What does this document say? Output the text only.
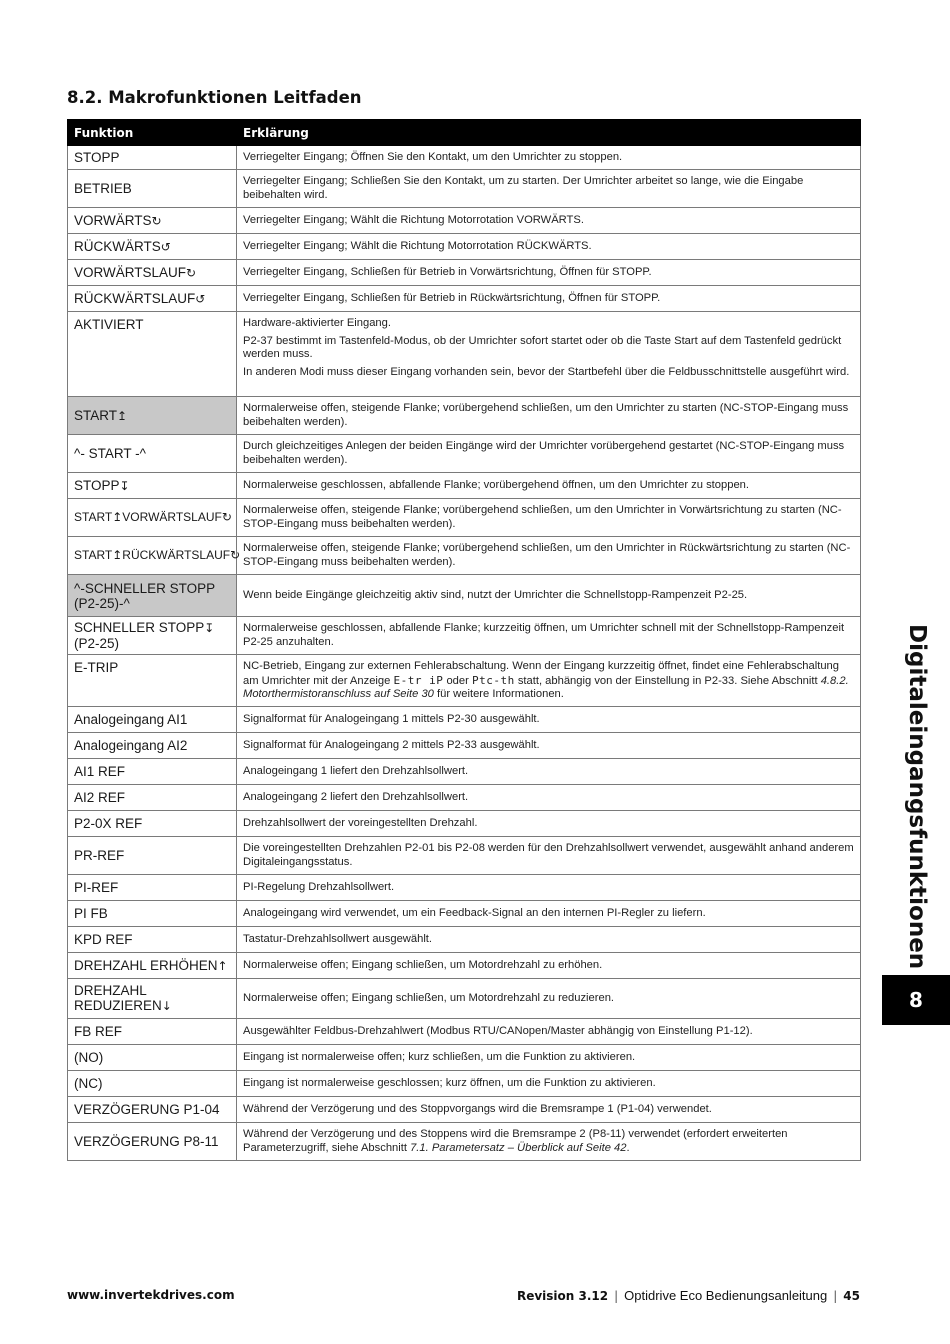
8.2. Makrofunktionen Leitfaden
Funktion	Erklärung
STOPP	Verriegelter Eingang; Öffnen Sie den Kontakt, um den Umrichter zu stoppen.

BETRIEB	Verriegelter Eingang; Schließen Sie den Kontakt, um zu starten. Der Umrichter arbeitet so lange, wie die Eingabe beibehalten wird.

VORWÄRTS↻	Verriegelter Eingang; Wählt die Richtung Motorrotation VORWÄRTS.

RÜCKWÄRTS↺	Verriegelter Eingang; Wählt die Richtung Motorrotation RÜCKWÄRTS.

VORWÄRTSLAUF↻	Verriegelter Eingang, Schließen für Betrieb in Vorwärtsrichtung, Öffnen für STOPP.

RÜCKWÄRTSLAUF↺	Verriegelter Eingang, Schließen für Betrieb in Rückwärtsrichtung, Öffnen für STOPP.

AKTIVIERT	Hardware-aktivierter Eingang.
P2-37 bestimmt im Tastenfeld-Modus, ob der Umrichter sofort startet oder ob die Taste Start auf dem Tastenfeld gedrückt werden muss.
In anderen Modi muss dieser Eingang vorhanden sein, bevor der Startbefehl über die Feldbusschnittstelle ausgeführt wird.

START↥	Normalerweise offen, steigende Flanke; vorübergehend schließen, um den Umrichter zu starten (NC-STOP-Eingang muss beibehalten werden).

^- START -^	Durch gleichzeitiges Anlegen der beiden Eingänge wird der Umrichter vorübergehend gestartet (NC-STOP-Eingang muss beibehalten werden).

STOPP↧	Normalerweise geschlossen, abfallende Flanke; vorübergehend öffnen, um den Umrichter zu stoppen.

START↥VORWÄRTSLAUF↻	Normalerweise offen, steigende Flanke; vorübergehend schließen, um den Umrichter in Vorwärtsrichtung zu starten (NC-STOP-Eingang muss beibehalten werden).

START↥RÜCKWÄRTSLAUF↻	Normalerweise offen, steigende Flanke; vorübergehend schließen, um den Umrichter in Rückwärtsrichtung zu starten (NC-STOP-Eingang muss beibehalten werden).

^-SCHNELLER STOPP (P2-25)-^	Wenn beide Eingänge gleichzeitig aktiv sind, nutzt der Umrichter die Schnellstopp-Rampenzeit P2-25.

SCHNELLER STOPP↧
(P2-25)	Normalerweise geschlossen, abfallende Flanke; kurzzeitig öffnen, um Umrichter schnell mit der Schnellstopp-Rampenzeit P2-25 anzuhalten.

E-TRIP	NC-Betrieb, Eingang zur externen Fehlerabschaltung. Wenn der Eingang kurzzeitig öffnet, findet eine Fehlerabschaltung am Umrichter mit der Anzeige E-tr iP oder Ptc-th statt, abhängig von der Einstellung in P2-33. Siehe Abschnitt 4.8.2. Motorthermistoranschluss auf Seite 30 für weitere Informationen.

Analogeingang AI1	Signalformat für Analogeingang 1 mittels P2-30 ausgewählt.

Analogeingang AI2	Signalformat für Analogeingang 2 mittels P2-33 ausgewählt.

AI1 REF	Analogeingang 1 liefert den Drehzahlsollwert.

AI2 REF	Analogeingang 2 liefert den Drehzahlsollwert.

P2-0X REF	Drehzahlsollwert der voreingestellten Drehzahl.

PR-REF	Die voreingestellten Drehzahlen P2-01 bis P2-08 werden für den Drehzahlsollwert verwendet, ausgewählt anhand anderem Digitaleingangsstatus.

PI-REF	PI-Regelung Drehzahlsollwert.

PI FB	Analogeingang wird verwendet, um ein Feedback-Signal an den internen PI-Regler zu liefern.

KPD REF	Tastatur-Drehzahlsollwert ausgewählt.

DREHZAHL ERHÖHEN↑	Normalerweise offen; Eingang schließen, um Motordrehzahl zu erhöhen.

DREHZAHL
REDUZIEREN↓	Normalerweise offen; Eingang schließen, um Motordrehzahl zu reduzieren.

FB REF	Ausgewählter Feldbus-Drehzahlwert (Modbus RTU/CANopen/Master abhängig von Einstellung P1-12).

(NO)	Eingang ist normalerweise offen; kurz schließen, um die Funktion zu aktivieren.

(NC)	Eingang ist normalerweise geschlossen; kurz öffnen, um die Funktion zu aktivieren.

VERZÖGERUNG P1-04	Während der Verzögerung und des Stoppvorgangs wird die Bremsrampe 1 (P1-04) verwendet.

VERZÖGERUNG P8-11	Während der Verzögerung und des Stoppens wird die Bremsrampe 2 (P8-11) verwendet (erfordert erweiterten Parameterzugriff, siehe Abschnitt 7.1. Parametersatz – Überblick auf Seite 42.
Digitaleingangsfunktionen
8
www.invertekdrives.com	Revision 3.12 | Optidrive Eco Bedienungsanleitung | 45
